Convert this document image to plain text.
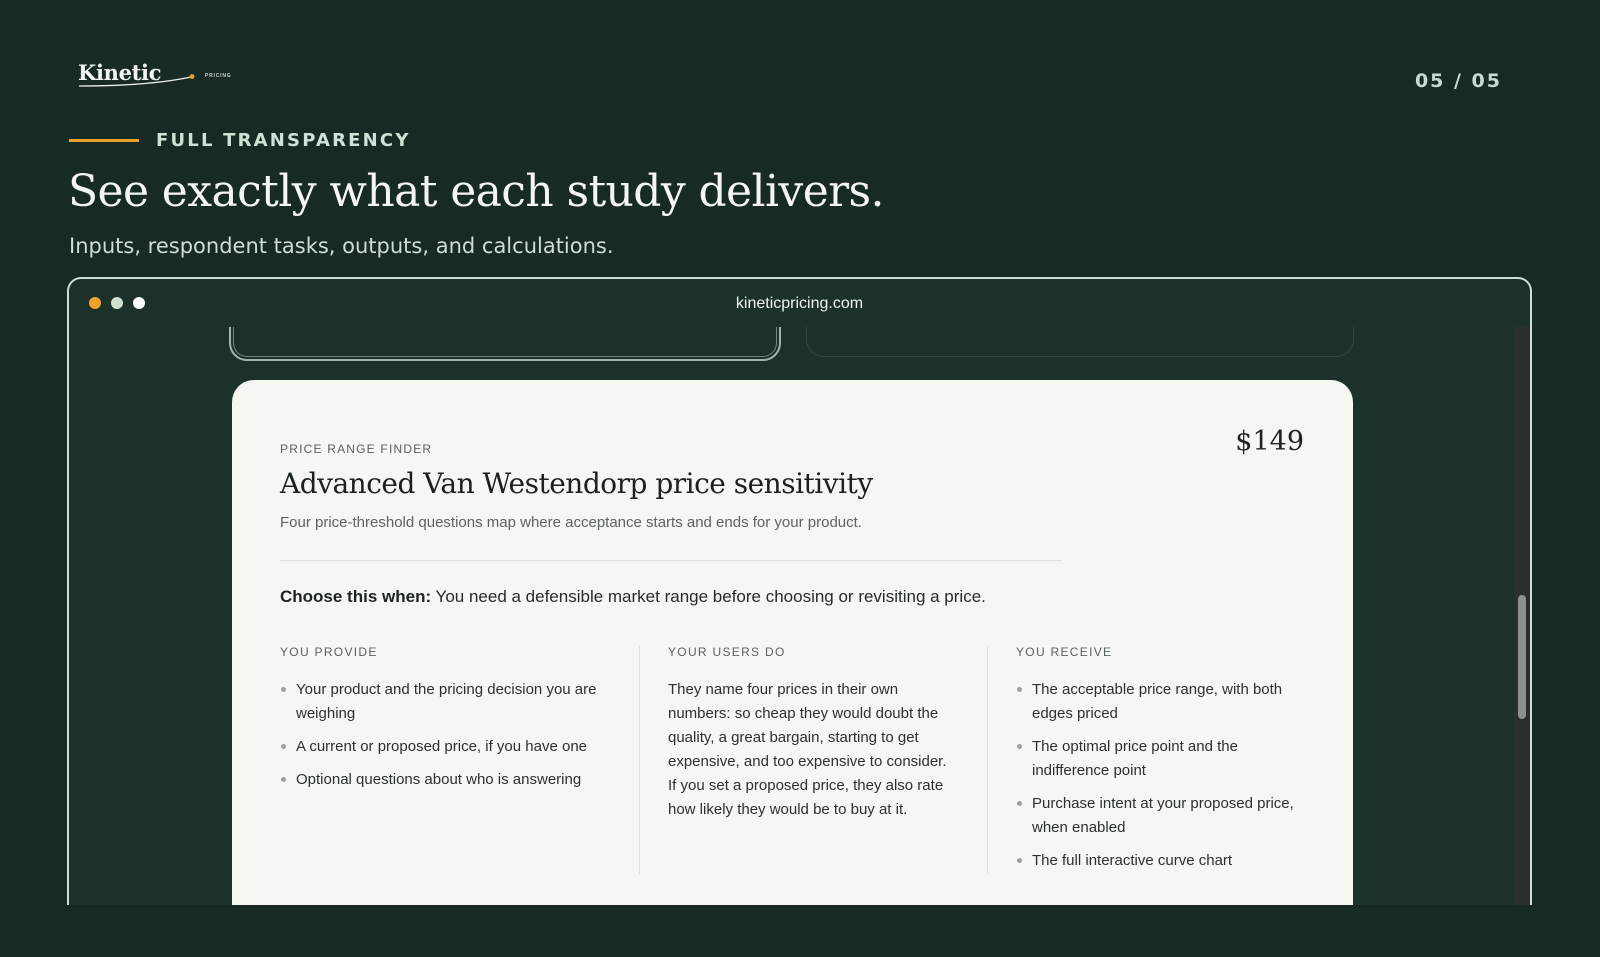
Kinetic	PRICING	05 / 05
FULL TRANSPARENCY
See exactly what each study delivers.

Inputs, respondent tasks, outputs, and calculations.

kineticpricing.com
PRICE RANGE FINDER	$149
Advanced Van Westendorp price sensitivity

Four price-threshold questions map where acceptance starts and ends for your product.

Choose this when: You need a defensible market range before choosing or revisiting a price.

YOU PROVIDE
Your product and the pricing decision you are weighing
A current or proposed price, if you have one
Optional questions about who is answering
YOUR USERS DO

They name four prices in their own numbers: so cheap they would doubt the quality, a great bargain, starting to get expensive, and too expensive to consider. If you set a proposed price, they also rate how likely they would be to buy at it.

YOU RECEIVE
The acceptable price range, with both edges priced
The optimal price point and the indifference point
Purchase intent at your proposed price, when enabled
The full interactive curve chart
